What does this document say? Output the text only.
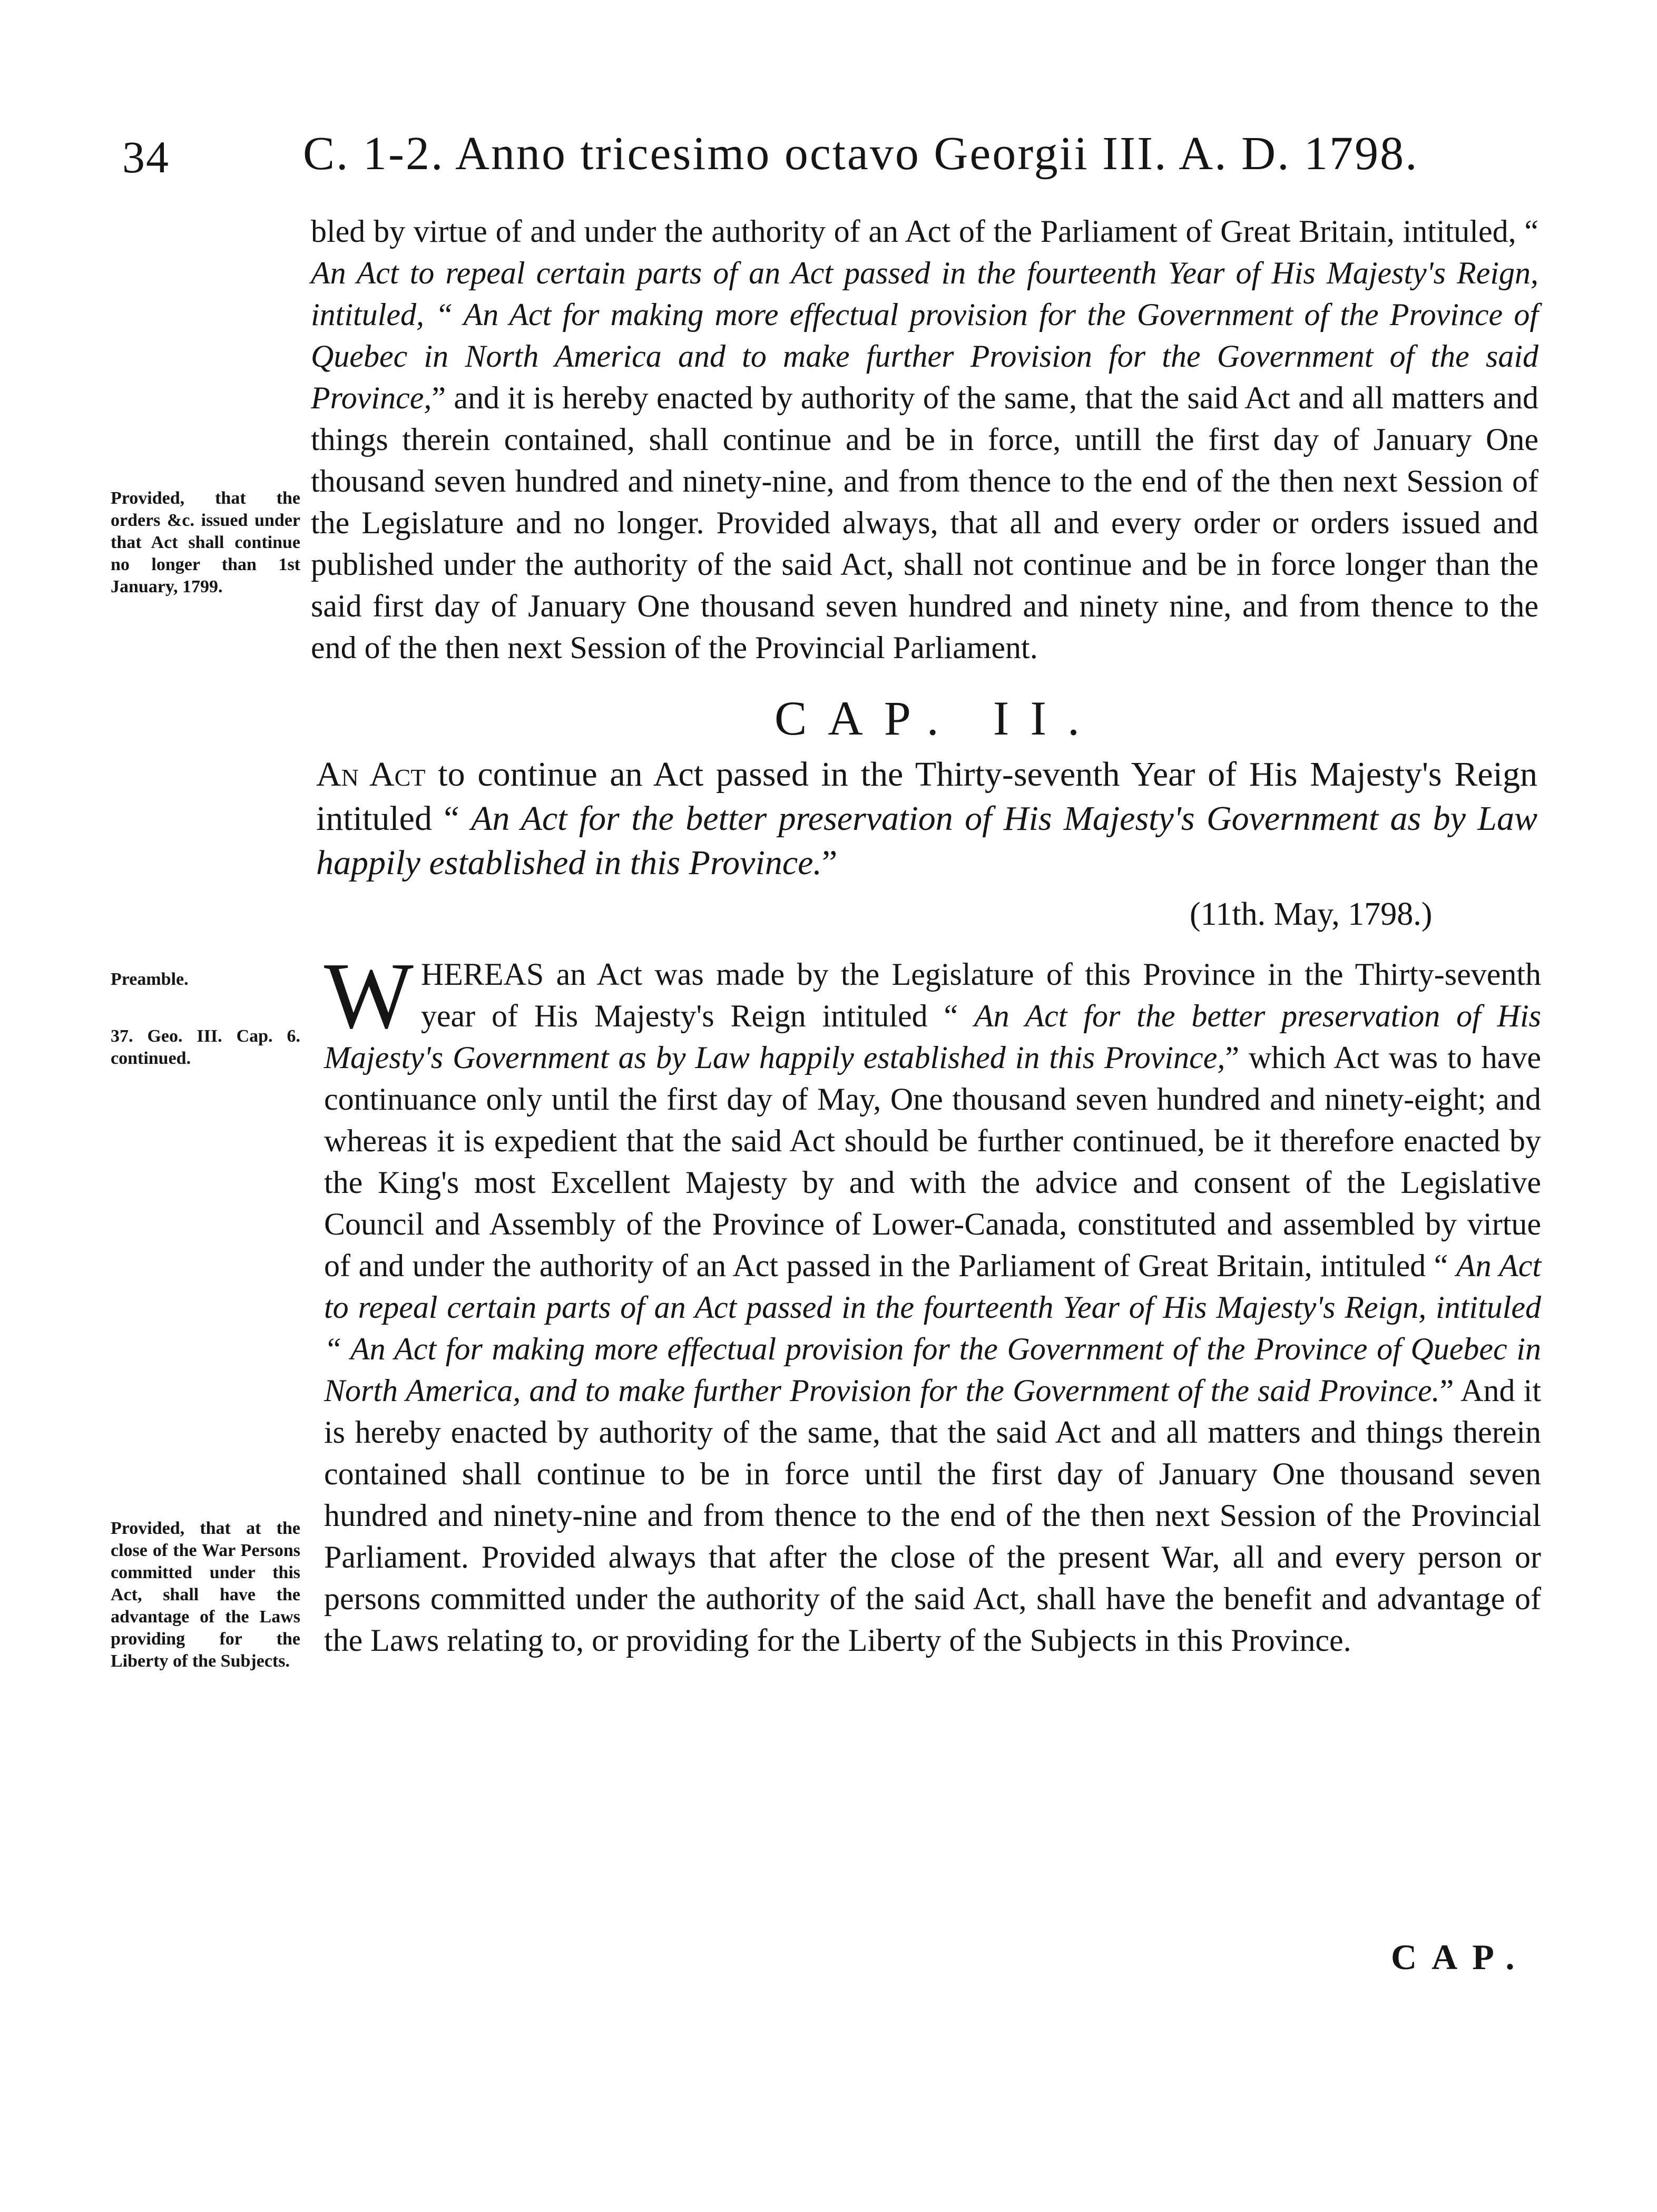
34	C. 1-2. Anno tricesimo octavo Georgii III. A. D. 1798.
bled by virtue of and under the authority of an Act of the Parliament of Great Britain, intituled, “ An Act to repeal certain parts of an Act passed in the fourteenth Year of His Majesty's Reign, intituled, “ An Act for making more effectual provision for the Government of the Province of Quebec in North America and to make further Provision for the Government of the said Province,” and it is hereby enacted by authority of the same, that the said Act and all matters and things therein contained, shall continue and be in force, untill the first day of January One thousand seven hundred and ninety-nine, and from thence to the end of the then next Session of the Legislature and no longer. Provided always, that all and every order or orders issued and published under the authority of the said Act, shall not continue and be in force longer than the said first day of January One thousand seven hundred and ninety nine, and from thence to the end of the then next Session of the Provincial Parliament.
Provided, that the orders &c. issued under that Act shall continue no longer than 1st January, 1799.
CAP. II.
An Act to continue an Act passed in the Thirty-seventh Year of His Majesty's Reign intituled “ An Act for the better preservation of His Majesty's Government as by Law happily established in this Province.”
(11th. May, 1798.)
Preamble.
37. Geo. III. Cap. 6. continued.
Provided, that at the close of the War Persons committed under this Act, shall have the advantage of the Laws providing for the Liberty of the Subjects.
WHEREAS an Act was made by the Legislature of this Province in the Thirty-seventh year of His Majesty's Reign intituled “ An Act for the better preservation of His Majesty's Government as by Law happily established in this Province,” which Act was to have continuance only until the first day of May, One thousand seven hundred and ninety-eight; and whereas it is expedient that the said Act should be further continued, be it therefore enacted by the King's most Excellent Majesty by and with the advice and consent of the Legislative Council and Assembly of the Province of Lower-Canada, constituted and assembled by virtue of and under the authority of an Act passed in the Parliament of Great Britain, intituled “ An Act to repeal certain parts of an Act passed in the fourteenth Year of His Majesty's Reign, intituled “ An Act for making more effectual provision for the Government of the Province of Quebec in North America, and to make further Provision for the Government of the said Province.” And it is hereby enacted by authority of the same, that the said Act and all matters and things therein contained shall continue to be in force until the first day of January One thousand seven hundred and ninety-nine and from thence to the end of the then next Session of the Provincial Parliament. Provided always that after the close of the present War, all and every person or persons committed under the authority of the said Act, shall have the benefit and advantage of the Laws relating to, or providing for the Liberty of the Subjects in this Province.
CAP.
